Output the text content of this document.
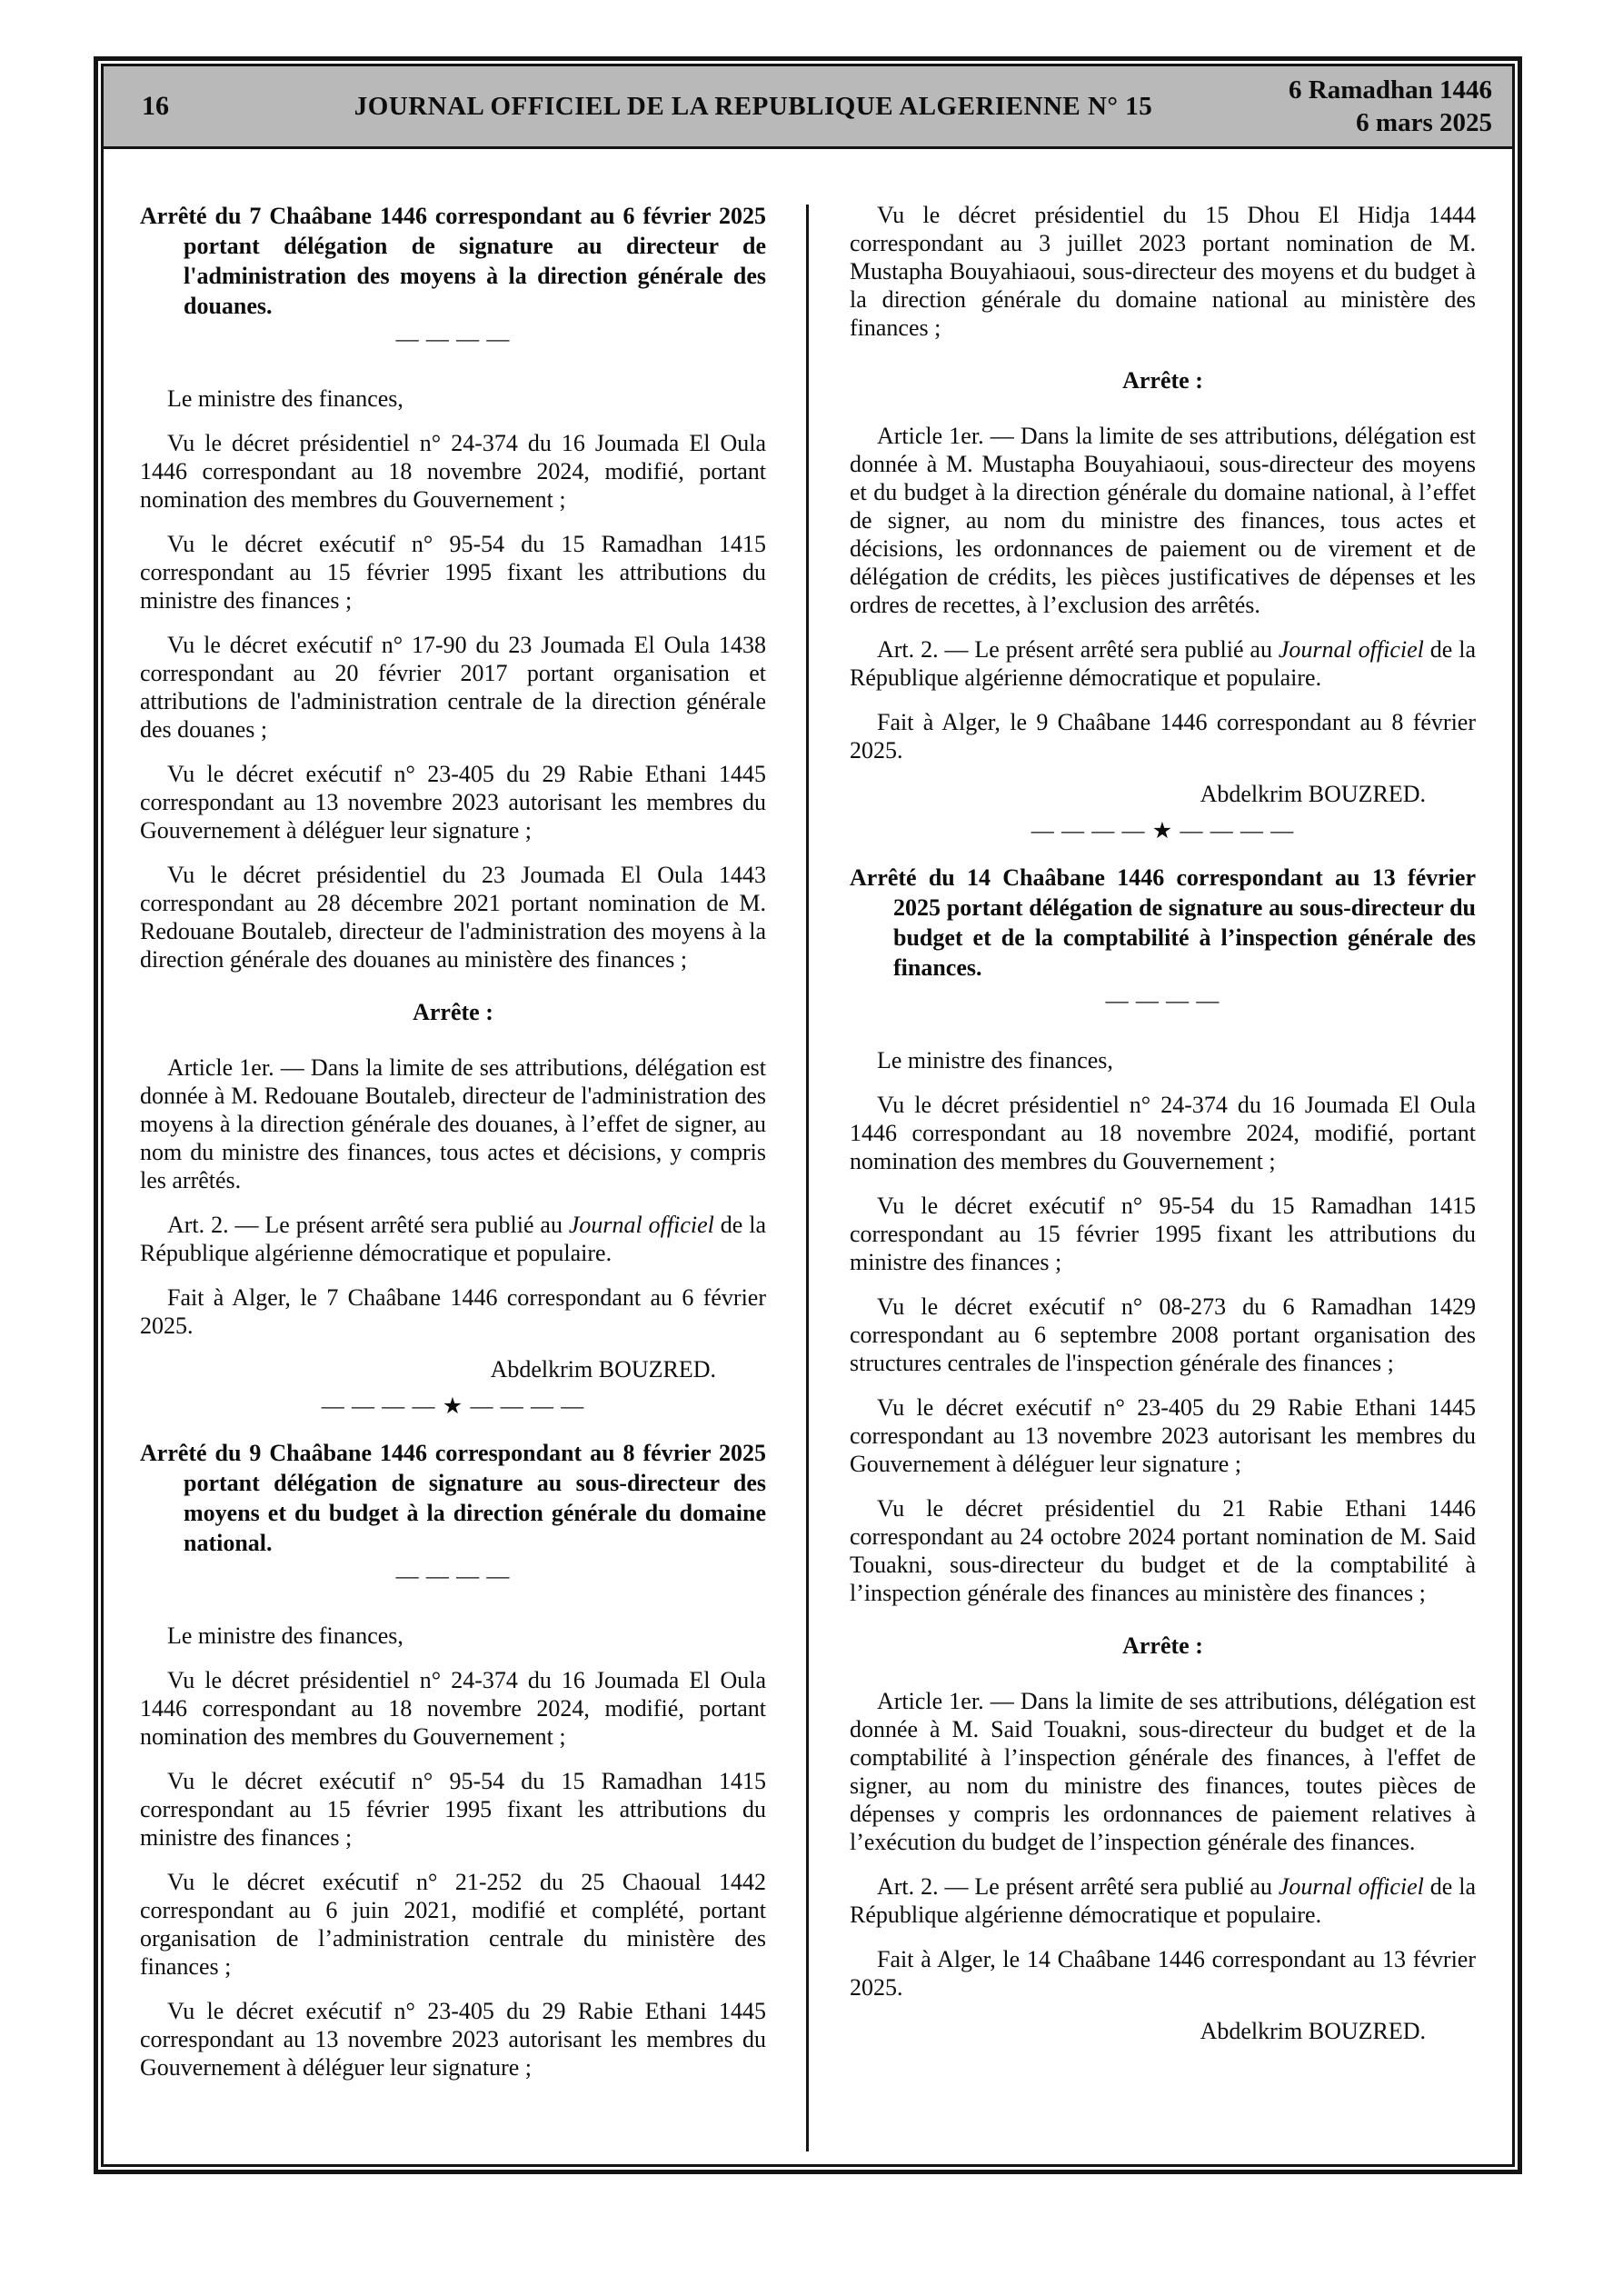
16	JOURNAL OFFICIEL DE LA REPUBLIQUE ALGERIENNE N° 15
6 Ramadhan 1446
6 mars 2025
Arrêté du 7 Chaâbane 1446 correspondant au 6 février 2025 portant délégation de signature au directeur de l'administration des moyens à la direction générale des douanes.
— — — —
Le ministre des finances,
Vu le décret présidentiel n° 24-374 du 16 Joumada El Oula 1446 correspondant au 18 novembre 2024, modifié, portant nomination des membres du Gouvernement ;
Vu le décret exécutif n° 95-54 du 15 Ramadhan 1415 correspondant au 15 février 1995 fixant les attributions du ministre des finances ;
Vu le décret exécutif n° 17-90 du 23 Joumada El Oula 1438 correspondant au 20 février 2017 portant organisation et attributions de l'administration centrale de la direction générale des douanes ;
Vu le décret exécutif n° 23-405 du 29 Rabie Ethani 1445 correspondant au 13 novembre 2023 autorisant les membres du Gouvernement à déléguer leur signature ;
Vu le décret présidentiel du 23 Joumada El Oula 1443 correspondant au 28 décembre 2021 portant nomination de M. Redouane Boutaleb, directeur de l'administration des moyens à la direction générale des douanes au ministère des finances ;
Arrête :
Article 1er. — Dans la limite de ses attributions, délégation est donnée à M. Redouane Boutaleb, directeur de l'administration des moyens à la direction générale des douanes, à l’effet de signer, au nom du ministre des finances, tous actes et décisions, y compris les arrêtés.
Art. 2. — Le présent arrêté sera publié au Journal officiel de la République algérienne démocratique et populaire.
Fait à Alger, le 7 Chaâbane 1446 correspondant au 6 février 2025.
Abdelkrim BOUZRED.
— — — — ★ — — — —
Arrêté du 9 Chaâbane 1446 correspondant au 8 février 2025 portant délégation de signature au sous-directeur des moyens et du budget à la direction générale du domaine national.
— — — —
Le ministre des finances,
Vu le décret présidentiel n° 24-374 du 16 Joumada El Oula 1446 correspondant au 18 novembre 2024, modifié, portant nomination des membres du Gouvernement ;
Vu le décret exécutif n° 95-54 du 15 Ramadhan 1415 correspondant au 15 février 1995 fixant les attributions du ministre des finances ;
Vu le décret exécutif n° 21-252 du 25 Chaoual 1442 correspondant au 6 juin 2021, modifié et complété, portant organisation de l’administration centrale du ministère des finances ;
Vu le décret exécutif n° 23-405 du 29 Rabie Ethani 1445 correspondant au 13 novembre 2023 autorisant les membres du Gouvernement à déléguer leur signature ;
Vu le décret présidentiel du 15 Dhou El Hidja 1444 correspondant au 3 juillet 2023 portant nomination de M. Mustapha Bouyahiaoui, sous-directeur des moyens et du budget à la direction générale du domaine national au ministère des finances ;
Arrête :
Article 1er. — Dans la limite de ses attributions, délégation est donnée à M. Mustapha Bouyahiaoui, sous-directeur des moyens et du budget à la direction générale du domaine national, à l’effet de signer, au nom du ministre des finances, tous actes et décisions, les ordonnances de paiement ou de virement et de délégation de crédits, les pièces justificatives de dépenses et les ordres de recettes, à l’exclusion des arrêtés.
Art. 2. — Le présent arrêté sera publié au Journal officiel de la République algérienne démocratique et populaire.
Fait à Alger, le 9 Chaâbane 1446 correspondant au 8 février 2025.
Abdelkrim BOUZRED.
— — — — ★ — — — —
Arrêté du 14 Chaâbane 1446 correspondant au 13 février 2025 portant délégation de signature au sous-directeur du budget et de la comptabilité à l’inspection générale des finances.
— — — —
Le ministre des finances,
Vu le décret présidentiel n° 24-374 du 16 Joumada El Oula 1446 correspondant au 18 novembre 2024, modifié, portant nomination des membres du Gouvernement ;
Vu le décret exécutif n° 95-54 du 15 Ramadhan 1415 correspondant au 15 février 1995 fixant les attributions du ministre des finances ;
Vu le décret exécutif n° 08-273 du 6 Ramadhan 1429 correspondant au 6 septembre 2008 portant organisation des structures centrales de l'inspection générale des finances ;
Vu le décret exécutif n° 23-405 du 29 Rabie Ethani 1445 correspondant au 13 novembre 2023 autorisant les membres du Gouvernement à déléguer leur signature ;
Vu le décret présidentiel du 21 Rabie Ethani 1446 correspondant au 24 octobre 2024 portant nomination de M. Said Touakni, sous-directeur du budget et de la comptabilité à l’inspection générale des finances au ministère des finances ;
Arrête :
Article 1er. — Dans la limite de ses attributions, délégation est donnée à M. Said Touakni, sous-directeur du budget et de la comptabilité à l’inspection générale des finances, à l'effet de signer, au nom du ministre des finances, toutes pièces de dépenses y compris les ordonnances de paiement relatives à l’exécution du budget de l’inspection générale des finances.
Art. 2. — Le présent arrêté sera publié au Journal officiel de la République algérienne démocratique et populaire.
Fait à Alger, le 14 Chaâbane 1446 correspondant au 13 février 2025.
Abdelkrim BOUZRED.
